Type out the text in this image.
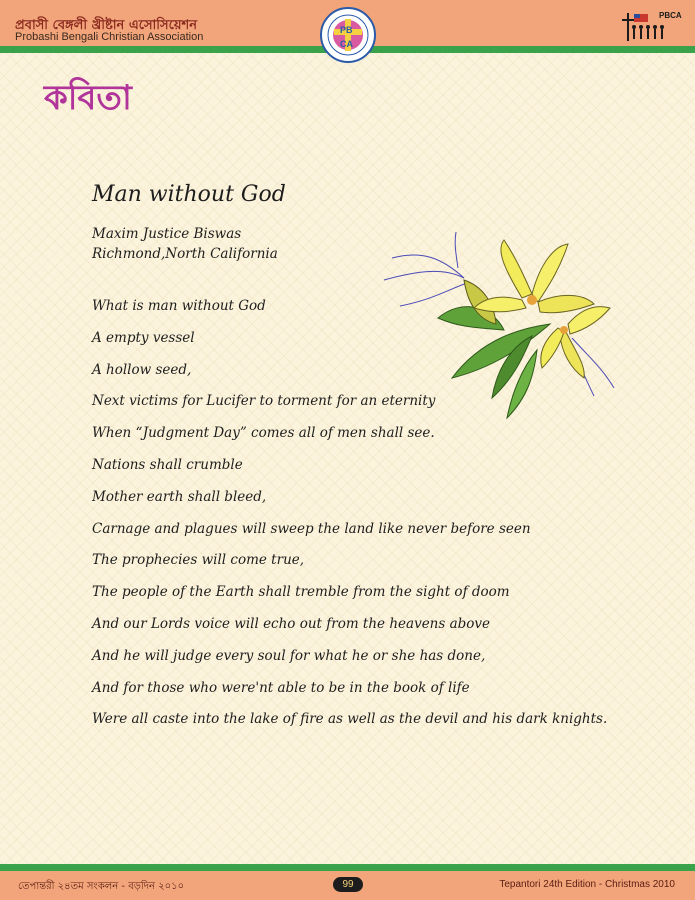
প্রবাসী বেঙ্গলী খ্রীষ্টান এসোসিয়েশন
Probashi Bengali Christian Association
PB
CA
PBCA
কবিতা
Man without God
Maxim Justice Biswas
Richmond,North California
What is man without God
A empty vessel
A hollow seed,
Next victims for Lucifer to torment for an eternity
When “Judgment Day” comes all of men shall see.
Nations shall crumble
Mother earth shall bleed,
Carnage and plagues will sweep the land like never before seen
The prophecies will come true,
The people of the Earth shall tremble from the sight of doom
And our Lords voice will echo out from the heavens above
And he will judge every soul for what he or she has done,
And for those who were'nt able to be in the book of life
Were all caste into the lake of fire as well as the devil and his dark knights.
তেপান্তরী ২৪তম সংকলন - বড়দিন ২০১০	99	Tepantori 24th Edition - Christmas 2010
